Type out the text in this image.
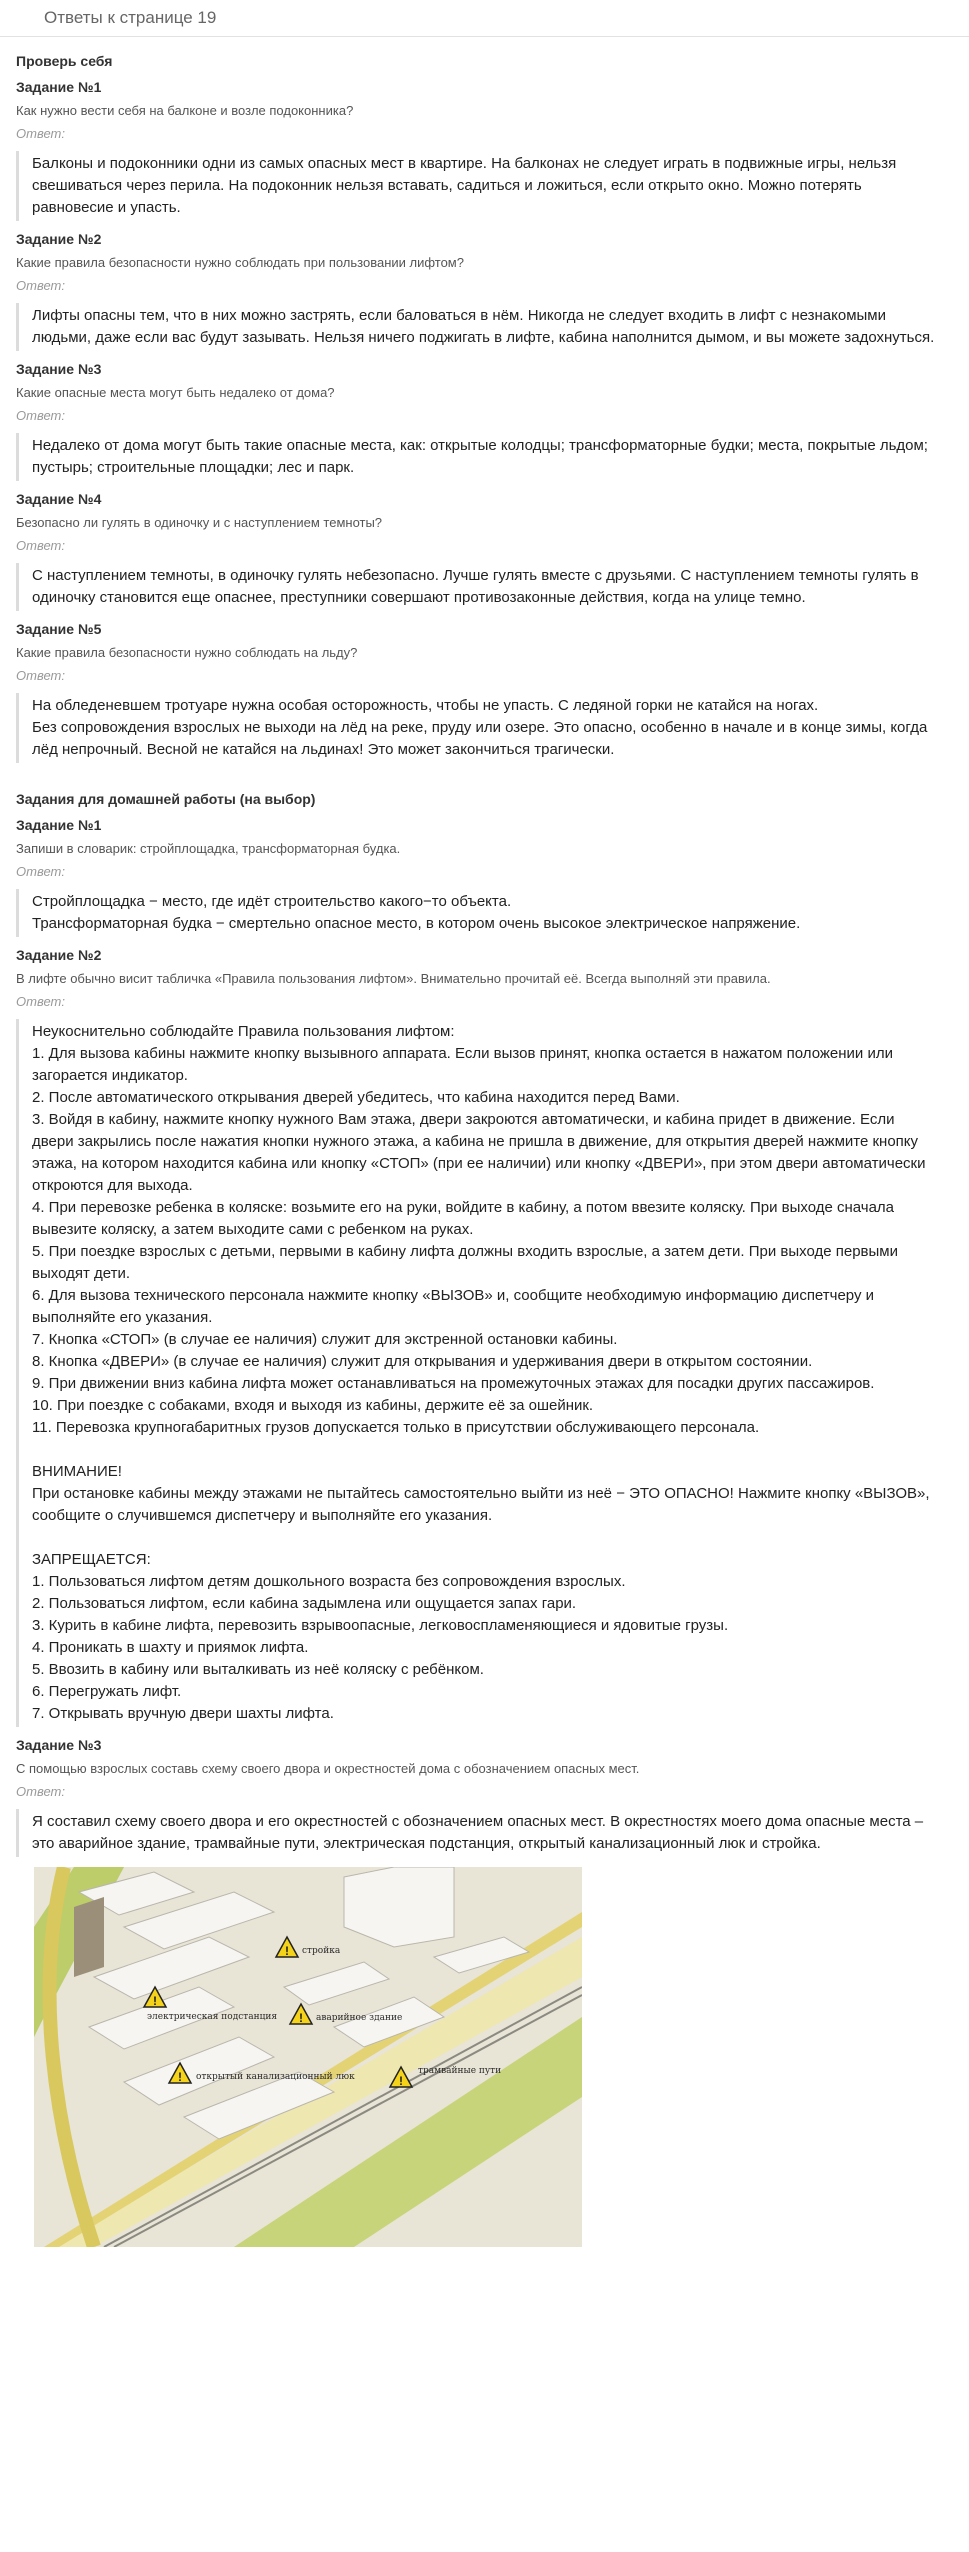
Ответы к странице 19
Проверь себя
Задание №1
Как нужно вести себя на балконе и возле подоконника?
Ответ:

Балконы и подоконники одни из самых опасных мест в квартире. На балконах не следует играть в подвижные игры, нельзя свешиваться через перила. На подоконник нельзя вставать, садиться и ложиться, если открыто окно. Можно потерять равновесие и упасть.

Задание №2
Какие правила безопасности нужно соблюдать при пользовании лифтом?
Ответ:

Лифты опасны тем, что в них можно застрять, если баловаться в нём. Никогда не следует входить в лифт с незнакомыми людьми, даже если вас будут зазывать. Нельзя ничего поджигать в лифте, кабина наполнится дымом, и вы можете задохнуться.

Задание №3
Какие опасные места могут быть недалеко от дома?
Ответ:

Недалеко от дома могут быть такие опасные места, как: открытые колодцы; трансформаторные будки; места, покрытые льдом; пустырь; строительные площадки; лес и парк.

Задание №4
Безопасно ли гулять в одиночку и с наступлением темноты?
Ответ:

С наступлением темноты, в одиночку гулять небезопасно. Лучше гулять вместе с друзьями. С наступлением темноты гулять в одиночку становится еще опаснее, преступники совершают противозаконные действия, когда на улице темно.

Задание №5
Какие правила безопасности нужно соблюдать на льду?
Ответ:

На обледеневшем тротуаре нужна особая осторожность, чтобы не упасть. С ледяной горки не катайся на ногах.

Без сопровождения взрослых не выходи на лёд на реке, пруду или озере. Это опасно, особенно в начале и в конце зимы, когда лёд непрочный. Весной не катайся на льдинах! Это может закончиться трагически.

Задания для домашней работы (на выбор)
Задание №1
Запиши в словарик: стройплощадка, трансформаторная будка.
Ответ:

Стройплощадка − место, где идёт строительство какого−то объекта.

Трансформаторная будка − смертельно опасное место, в котором очень высокое электрическое напряжение.

Задание №2
В лифте обычно висит табличка «Правила пользования лифтом». Внимательно прочитай её. Всегда выполняй эти правила.
Ответ:

Неукоснительно соблюдайте Правила пользования лифтом:

1. Для вызова кабины нажмите кнопку вызывного аппарата. Если вызов принят, кнопка остается в нажатом положении или загорается индикатор.

2. После автоматического открывания дверей убедитесь, что кабина находится перед Вами.

3. Войдя в кабину, нажмите кнопку нужного Вам этажа, двери закроются автоматически, и кабина придет в движение. Если двери закрылись после нажатия кнопки нужного этажа, а кабина не пришла в движение, для открытия дверей нажмите кнопку этажа, на котором находится кабина или кнопку «СТОП» (при ее наличии) или кнопку «ДВЕРИ», при этом двери автоматически откроются для выхода.

4. При перевозке ребенка в коляске: возьмите его на руки, войдите в кабину, а потом ввезите коляску. При выходе сначала вывезите коляску, а затем выходите сами с ребенком на руках.

5. При поездке взрослых с детьми, первыми в кабину лифта должны входить взрослые, а затем дети. При выходе первыми выходят дети.

6. Для вызова технического персонала нажмите кнопку «ВЫЗОВ» и, сообщите необходимую информацию диспетчеру и выполняйте его указания.

7. Кнопка «СТОП» (в случае ее наличия) служит для экстренной остановки кабины.

8. Кнопка «ДВЕРИ» (в случае ее наличия) служит для открывания и удерживания двери в открытом состоянии.

9. При движении вниз кабина лифта может останавливаться на промежуточных этажах для посадки других пассажиров.

10. При поездке с собаками, входя и выходя из кабины, держите её за ошейник.

11. Перевозка крупногабаритных грузов допускается только в присутствии обслуживающего персонала.

ВНИМАНИЕ!

При остановке кабины между этажами не пытайтесь самостоятельно выйти из неё − ЭТО ОПАСНО! Нажмите кнопку «ВЫЗОВ», сообщите о случившемся диспетчеру и выполняйте его указания.

ЗАПРЕЩАЕТСЯ:

1. Пользоваться лифтом детям дошкольного возраста без сопровождения взрослых.

2. Пользоваться лифтом, если кабина задымлена или ощущается запах гари.

3. Курить в кабине лифта, перевозить взрывоопасные, легковоспламеняющиеся и ядовитые грузы.

4. Проникать в шахту и приямок лифта.

5. Ввозить в кабину или выталкивать из неё коляску с ребёнком.

6. Перегружать лифт.

7. Открывать вручную двери шахты лифта.

Задание №3
С помощью взрослых составь схему своего двора и окрестностей дома с обозначением опасных мест.
Ответ:

Я составил схему своего двора и его окрестностей с обозначением опасных мест. В окрестностях моего дома опасные места – это аварийное здание, трамвайные пути, электрическая подстанция, открытый канализационный люк и стройка.

! стройка
!
электрическая подстанция ! аварийное здание
! открытый канализационный люк	!
трамвайные пути
